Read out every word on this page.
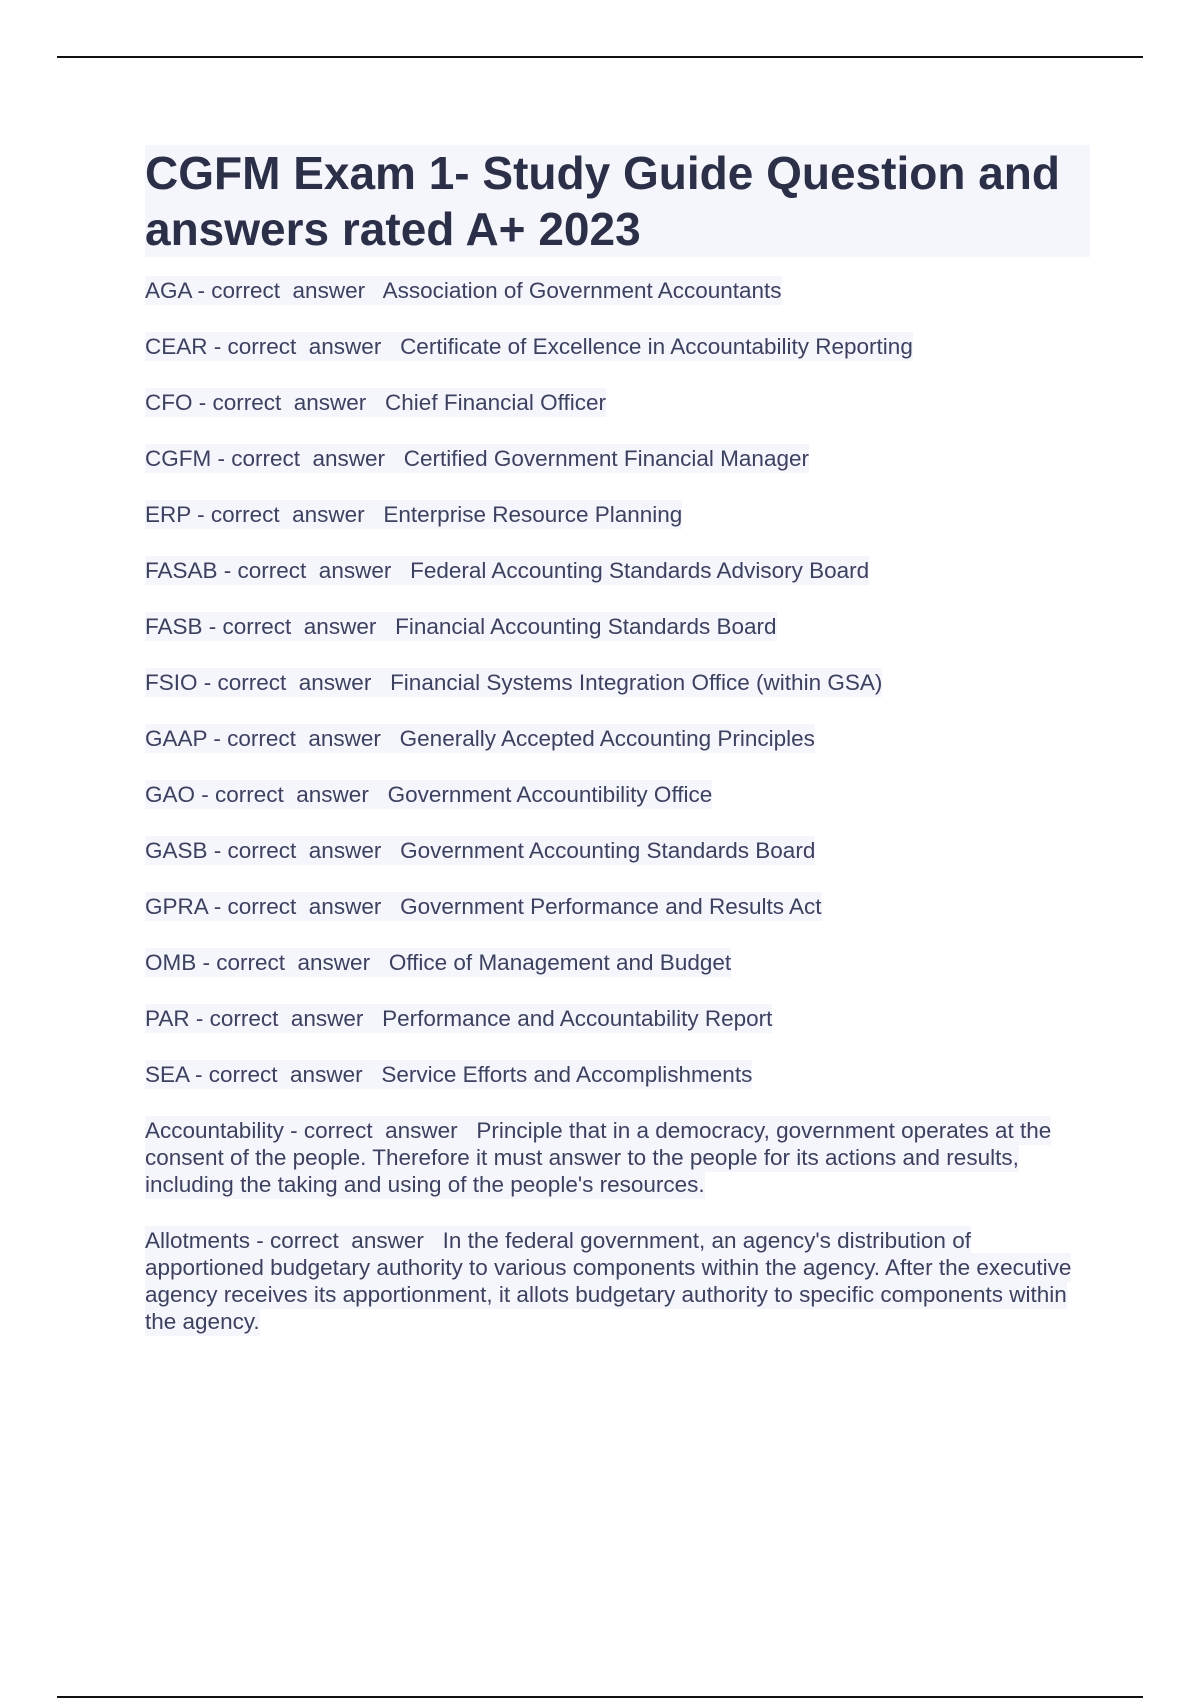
CGFM Exam 1- Study Guide Question and answers rated A+ 2023
AGA - correct  answer   Association of Government Accountants
CEAR - correct  answer   Certificate of Excellence in Accountability Reporting
CFO - correct  answer   Chief Financial Officer
CGFM - correct  answer   Certified Government Financial Manager
ERP - correct  answer   Enterprise Resource Planning
FASAB - correct  answer   Federal Accounting Standards Advisory Board
FASB - correct  answer   Financial Accounting Standards Board
FSIO - correct  answer   Financial Systems Integration Office (within GSA)
GAAP - correct  answer   Generally Accepted Accounting Principles
GAO - correct  answer   Government Accountibility Office
GASB - correct  answer   Government Accounting Standards Board
GPRA - correct  answer   Government Performance and Results Act
OMB - correct  answer   Office of Management and Budget
PAR - correct  answer   Performance and Accountability Report
SEA - correct  answer   Service Efforts and Accomplishments
Accountability - correct  answer   Principle that in a democracy, government operates at the consent of the people. Therefore it must answer to the people for its actions and results, including the taking and using of the people's resources.
Allotments - correct  answer   In the federal government, an agency's distribution of apportioned budgetary authority to various components within the agency. After the executive agency receives its apportionment, it allots budgetary authority to specific components within the agency.
